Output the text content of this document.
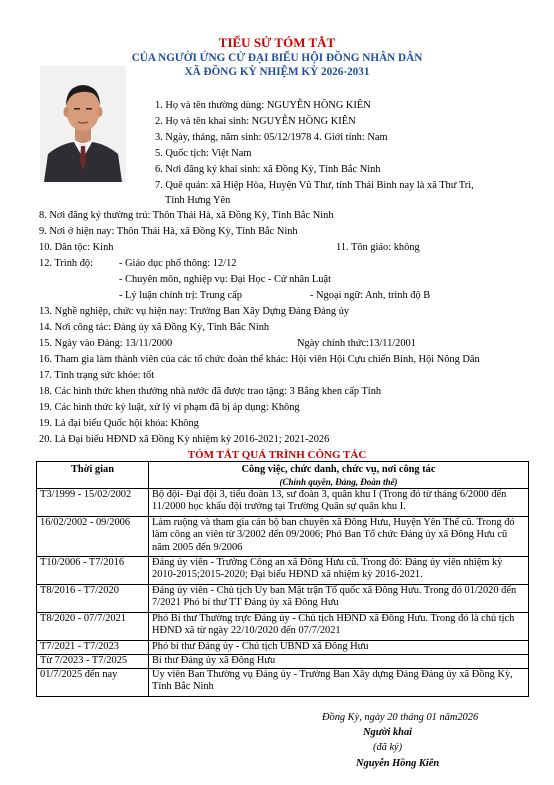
TIỂU SỬ TÓM TẮT
CỦA NGƯỜI ỨNG CỬ ĐẠI BIỂU HỘI ĐỒNG NHÂN DÂN
XÃ ĐỒNG KỲ NHIỆM KỲ 2026-2031
1. Họ và tên thường dùng: NGUYỄN HỒNG KIÊN
2. Họ và tên khai sinh: NGUYỄN HỒNG KIÊN
3. Ngày, tháng, năm sinh: 05/12/1978 4. Giới tính: Nam
5. Quốc tịch: Việt Nam
6. Nơi đăng ký khai sinh: xã Đồng Kỳ, Tỉnh Bắc Ninh
7. Quê quán: xã Hiệp Hòa, Huyện Vũ Thư, tỉnh Thái Bình nay là xã Thư Trì,
Tỉnh Hưng Yên
8. Nơi đăng ký thường trú: Thôn Thái Hà, xã Đồng Kỳ, Tỉnh Bắc Ninh
9. Nơi ở hiện nay: Thôn Thái Hà, xã Đồng Kỳ, Tỉnh Bắc Ninh
10. Dân tộc: Kinh	11. Tôn giáo: không
12. Trình độ:	- Giáo dục phổ thông: 12/12
- Chuyên môn, nghiệp vụ: Đại Học - Cử nhân Luật
- Lý luận chính trị: Trung cấp	- Ngoại ngữ: Anh, trình độ B
13. Nghề nghiệp, chức vụ hiện nay: Trưởng Ban Xây Dựng Đảng Đảng ủy
14. Nơi công tác: Đảng ủy xã Đồng Kỳ, Tỉnh Bắc Ninh
15. Ngày vào Đảng: 13/11/2000	Ngày chính thức:13/11/2001
16. Tham gia làm thành viên của các tổ chức đoàn thể khác: Hội viên Hội Cựu chiến Binh, Hội Nông Dân
17. Tình trạng sức khỏe: tốt
18. Các hình thức khen thưởng nhà nước đã được trao tặng: 3 Bằng khen cấp Tỉnh
19. Các hình thức kỷ luật, xử lý vi phạm đã bị áp dụng: Không
19. Là đại biểu Quốc hội khóa: Không
20. Là Đại biểu HĐND xã Đồng Kỳ nhiệm kỳ 2016-2021; 2021-2026
TÓM TẮT QUÁ TRÌNH CÔNG TÁC
Thời gian	Công việc, chức danh, chức vụ, nơi công tác
(Chính quyền, Đảng, Đoàn thể)

T3/1999 - 15/02/2002	Bộ đội- Đại đội 3, tiểu đoàn 13, sư đoàn 3, quân khu I (Trong đó từ tháng 6/2000 đến 11/2000 học khẩu đội trưởng tại Trường Quân sự quân khu I.
16/02/2002 - 09/2006	Làm ruộng và tham gia cán bộ ban chuyên xã Đông Hưu, Huyện Yên Thế cũ. Trong đó làm công an viên từ 3/2002 đến 09/2006; Phó Ban Tổ chức Đảng ủy xã Đông Hưu cũ năm 2005 đến 9/2006
T10/2006 - T7/2016	Đảng ủy viên - Trưởng Công an xã Đông Hưu cũ. Trong đó: Đảng ủy viên nhiệm kỳ 2010-2015;2015-2020; Đại biểu HĐND xã nhiệm kỳ 2016-2021.
T8/2016 - T7/2020	Đảng ủy viên - Chủ tịch Ủy ban Mặt trận Tổ quốc xã Đông Hưu. Trong đó 01/2020 đến 7/2021 Phó bí thư TT Đảng ủy xã Đông Hưu
T8/2020 - 07/7/2021	Phó Bí thư Thường trực Đảng ủy - Chủ tịch HĐND xã Đông Hưu. Trong đó là chủ tịch HĐND xã từ ngày 22/10/2020 đến 07/7/2021
T7/2021 - T7/2023	Phó bí thư Đảng ủy - Chủ tịch UBND xã Đông Hưu
Từ 7/2023 - T7/2025	Bí thư Đảng ủy xã Đông Hưu
01/7/2025 đến nay	Ủy viên Ban Thường vụ Đảng ủy - Trưởng Ban Xây dựng Đảng Đảng ủy xã Đồng Kỳ, Tỉnh Bắc Ninh
Đồng Kỳ, ngày 20 tháng 01 năm2026
Người khai
(đã ký)
Nguyễn Hồng Kiên
